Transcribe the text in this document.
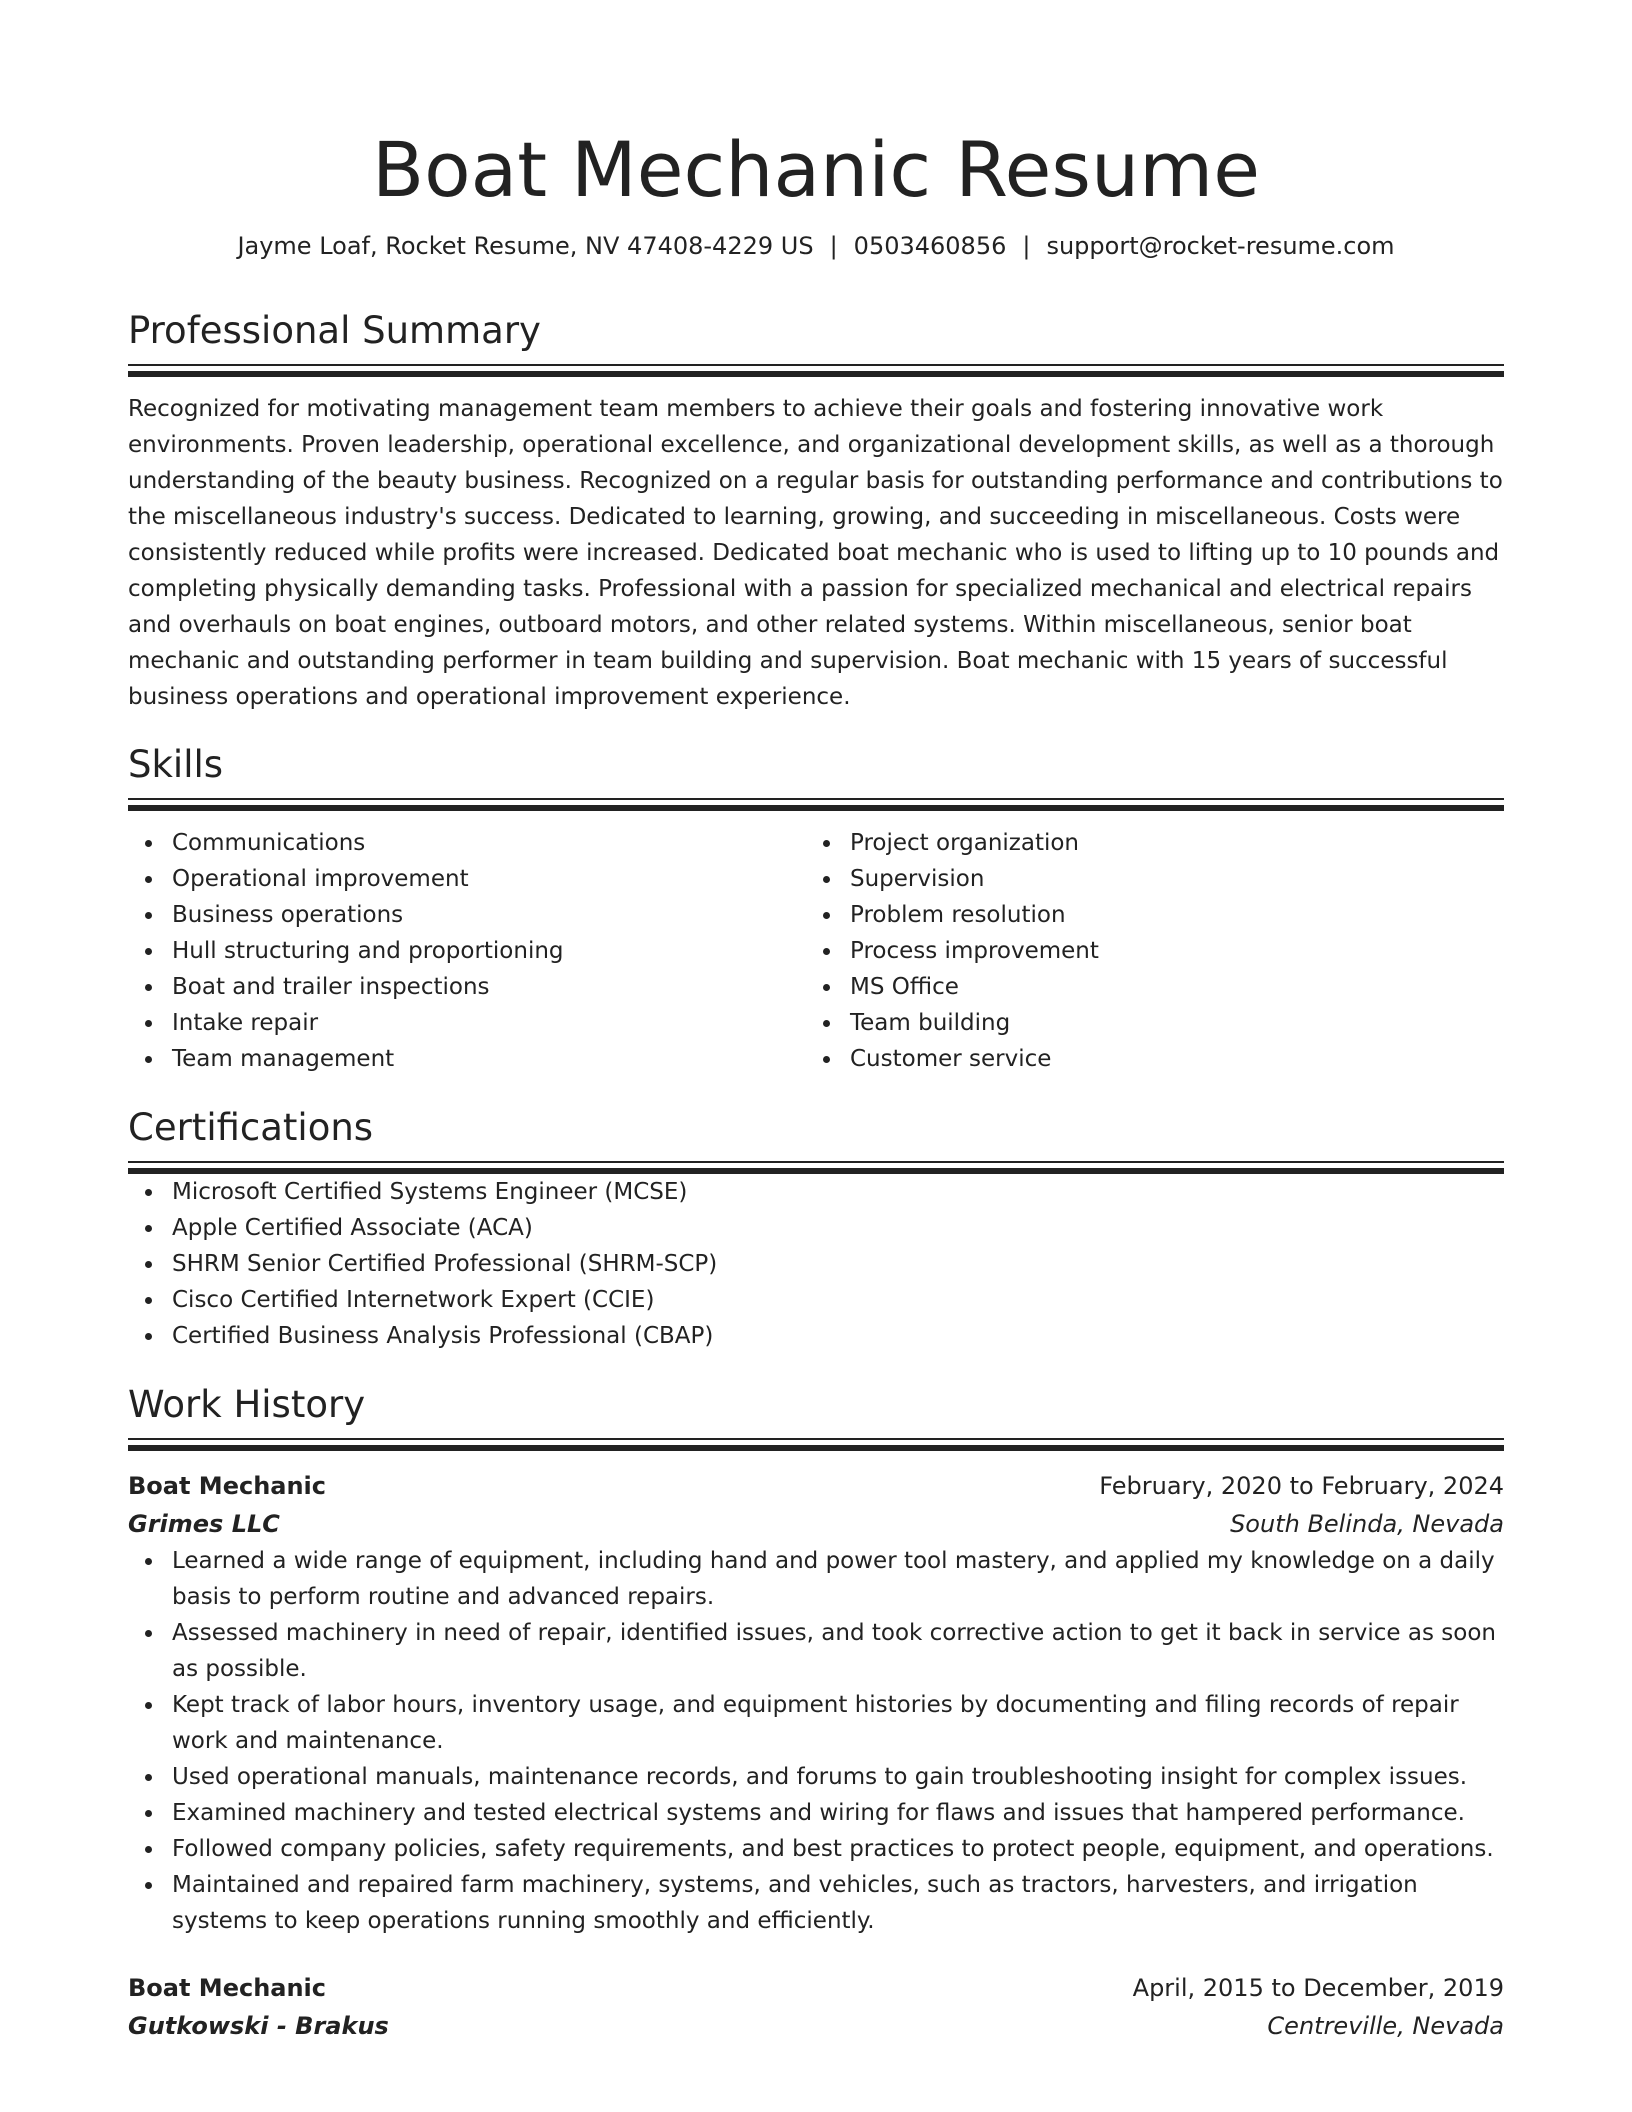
Boat Mechanic Resume
Jayme Loaf, Rocket Resume, NV 47408-4229 US | 0503460856 | support@rocket-resume.com
Professional Summary

Recognized for motivating management team members to achieve their goals and fostering innovative work environments. Proven leadership, operational excellence, and organizational development skills, as well as a thorough understanding of the beauty business. Recognized on a regular basis for outstanding performance and contributions to the miscellaneous industry's success. Dedicated to learning, growing, and succeeding in miscellaneous. Costs were consistently reduced while profits were increased. Dedicated boat mechanic who is used to lifting up to 10 pounds and completing physically demanding tasks. Professional with a passion for specialized mechanical and electrical repairs and overhauls on boat engines, outboard motors, and other related systems. Within miscellaneous, senior boat mechanic and outstanding performer in team building and supervision. Boat mechanic with 15 years of successful business operations and operational improvement experience.

Skills
Communications
Operational improvement
Business operations
Hull structuring and proportioning
Boat and trailer inspections
Intake repair
Team management
Project organization
Supervision
Problem resolution
Process improvement
MS Office
Team building
Customer service
Certifications
Microsoft Certified Systems Engineer (MCSE)
Apple Certified Associate (ACA)
SHRM Senior Certified Professional (SHRM-SCP)
Cisco Certified Internetwork Expert (CCIE)
Certified Business Analysis Professional (CBAP)
Work History
Boat Mechanic	February, 2020 to February, 2024
Grimes LLC	South Belinda, Nevada
Learned a wide range of equipment, including hand and power tool mastery, and applied my knowledge on a daily basis to perform routine and advanced repairs.
Assessed machinery in need of repair, identified issues, and took corrective action to get it back in service as soon as possible.
Kept track of labor hours, inventory usage, and equipment histories by documenting and filing records of repair work and maintenance.
Used operational manuals, maintenance records, and forums to gain troubleshooting insight for complex issues.
Examined machinery and tested electrical systems and wiring for flaws and issues that hampered performance.
Followed company policies, safety requirements, and best practices to protect people, equipment, and operations.
Maintained and repaired farm machinery, systems, and vehicles, such as tractors, harvesters, and irrigation systems to keep operations running smoothly and efficiently.
Boat Mechanic	April, 2015 to December, 2019
Gutkowski - Brakus	Centreville, Nevada
